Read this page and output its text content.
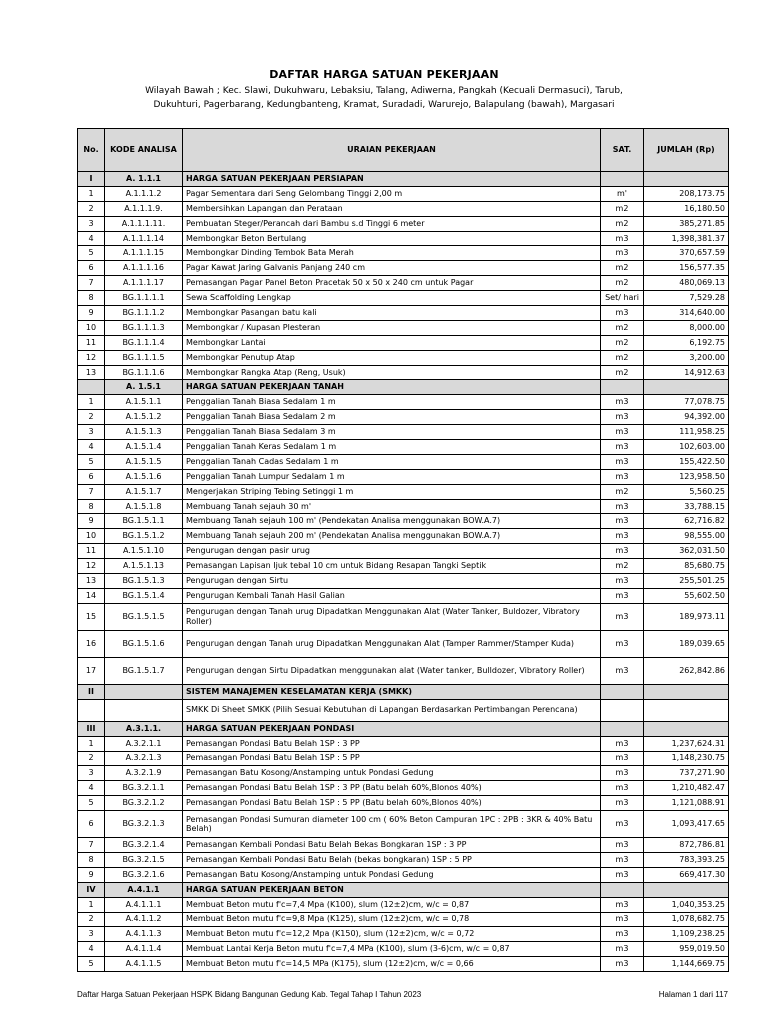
DAFTAR HARGA SATUAN PEKERJAAN
Wilayah Bawah ; Kec. Slawi, Dukuhwaru, Lebaksiu, Talang, Adiwerna, Pangkah (Kecuali Dermasuci), Tarub,
Dukuhturi, Pagerbarang, Kedungbanteng, Kramat, Suradadi, Warurejo, Balapulang (bawah), Margasari
No.	KODE ANALISA	URAIAN PEKERJAAN	SAT.	JUMLAH (Rp)
I	A. 1.1.1	HARGA SATUAN PEKERJAAN PERSIAPAN		
1	A.1.1.1.2	Pagar Sementara dari Seng Gelombang Tinggi 2,00 m	m'	208,173.75
2	A.1.1.1.9.	Membersihkan Lapangan dan Perataan	m2	16,180.50
3	A.1.1.1.11.	Pembuatan Steger/Perancah dari Bambu s.d Tinggi 6 meter	m2	385,271.85
4	A.1.1.1.14	Membongkar Beton Bertulang	m3	1,398,381.37
5	A.1.1.1.15	Membongkar Dinding Tembok Bata Merah	m3	370,657.59
6	A.1.1.1.16	Pagar Kawat Jaring Galvanis Panjang 240 cm	m2	156,577.35
7	A.1.1.1.17	Pemasangan Pagar Panel Beton Pracetak 50 x 50 x 240 cm untuk Pagar	m2	480,069.13
8	BG.1.1.1.1	Sewa Scaffolding Lengkap	Set/ hari	7,529.28
9	BG.1.1.1.2	Membongkar Pasangan batu kali	m3	314,640.00
10	BG.1.1.1.3	Membongkar / Kupasan Plesteran	m2	8,000.00
11	BG.1.1.1.4	Membongkar Lantai	m2	6,192.75
12	BG.1.1.1.5	Membongkar Penutup Atap	m2	3,200.00
13	BG.1.1.1.6	Membongkar Rangka Atap (Reng, Usuk)	m2	14,912.63
	A. 1.5.1	HARGA SATUAN PEKERJAAN TANAH		
1	A.1.5.1.1	Penggalian Tanah Biasa Sedalam 1 m	m3	77,078.75
2	A.1.5.1.2	Penggalian Tanah Biasa Sedalam 2 m	m3	94,392.00
3	A.1.5.1.3	Penggalian Tanah Biasa Sedalam 3 m	m3	111,958.25
4	A.1.5.1.4	Penggalian Tanah Keras Sedalam 1 m	m3	102,603.00
5	A.1.5.1.5	Penggalian Tanah Cadas Sedalam 1 m	m3	155,422.50
6	A.1.5.1.6	Penggalian Tanah Lumpur Sedalam 1 m	m3	123,958.50
7	A.1.5.1.7	Mengerjakan Striping Tebing Setinggi 1 m	m2	5,560.25
8	A.1.5.1.8	Membuang Tanah sejauh 30 m'	m3	33,788.15
9	BG.1.5.1.1	Membuang Tanah sejauh 100 m' (Pendekatan Analisa menggunakan BOW.A.7)	m3	62,716.82
10	BG.1.5.1.2	Membuang Tanah sejauh 200 m' (Pendekatan Analisa menggunakan BOW.A.7)	m3	98,555.00
11	A.1.5.1.10	Pengurugan dengan pasir urug	m3	362,031.50
12	A.1.5.1.13	Pemasangan Lapisan Ijuk tebal 10 cm untuk Bidang Resapan Tangki Septik	m2	85,680.75
13	BG.1.5.1.3	Pengurugan dengan Sirtu	m3	255,501.25
14	BG.1.5.1.4	Pengurugan Kembali Tanah Hasil Galian	m3	55,602.50
15	BG.1.5.1.5	Pengurugan dengan Tanah urug Dipadatkan Menggunakan Alat (Water Tanker, Buldozer, Vibratory Roller)	m3	189,973.11
16	BG.1.5.1.6	Pengurugan dengan Tanah urug Dipadatkan Menggunakan Alat (Tamper Rammer/Stamper Kuda)	m3	189,039.65
17	BG.1.5.1.7	Pengurugan dengan Sirtu Dipadatkan menggunakan alat (Water tanker, Bulldozer, Vibratory Roller)	m3	262,842.86
II		SISTEM MANAJEMEN KESELAMATAN KERJA (SMKK)		
		SMKK Di Sheet SMKK (Pilih Sesuai Kebutuhan di Lapangan Berdasarkan Pertimbangan Perencana)		
III	A.3.1.1.	HARGA SATUAN PEKERJAAN PONDASI		
1	A.3.2.1.1	Pemasangan Pondasi Batu Belah 1SP : 3 PP	m3	1,237,624.31
2	A.3.2.1.3	Pemasangan Pondasi Batu Belah 1SP : 5 PP	m3	1,148,230.75
3	A.3.2.1.9	Pemasangan Batu Kosong/Anstamping untuk Pondasi Gedung	m3	737,271.90
4	BG.3.2.1.1	Pemasangan Pondasi Batu Belah 1SP : 3 PP (Batu belah 60%,Blonos 40%)	m3	1,210,482.47
5	BG.3.2.1.2	Pemasangan Pondasi Batu Belah 1SP : 5 PP (Batu belah 60%,Blonos 40%)	m3	1,121,088.91
6	BG.3.2.1.3	Pemasangan Pondasi Sumuran diameter 100 cm ( 60% Beton Campuran 1PC : 2PB : 3KR & 40% Batu Belah)	m3	1,093,417.65
7	BG.3.2.1.4	Pemasangan Kembali Pondasi Batu Belah Bekas Bongkaran 1SP : 3 PP	m3	872,786.81
8	BG.3.2.1.5	Pemasangan Kembali Pondasi Batu Belah (bekas bongkaran) 1SP : 5 PP	m3	783,393.25
9	BG.3.2.1.6	Pemasangan Batu Kosong/Anstamping untuk Pondasi Gedung	m3	669,417.30
IV	A.4.1.1	HARGA SATUAN PEKERJAAN BETON		
1	A.4.1.1.1	Membuat Beton mutu f'c=7,4 Mpa (K100), slum (12±2)cm, w/c = 0,87	m3	1,040,353.25
2	A.4.1.1.2	Membuat Beton mutu f'c=9,8 Mpa (K125), slum (12±2)cm, w/c = 0,78	m3	1,078,682.75
3	A.4.1.1.3	Membuat Beton mutu f'c=12,2 Mpa (K150), slum (12±2)cm, w/c = 0,72	m3	1,109,238.25
4	A.4.1.1.4	Membuat Lantai Kerja Beton mutu f'c=7,4 MPa (K100), slum (3-6)cm, w/c = 0,87	m3	959,019.50
5	A.4.1.1.5	Membuat Beton mutu f'c=14,5 MPa (K175), slum (12±2)cm, w/c = 0,66	m3	1,144,669.75
Daftar Harga Satuan Pekerjaan HSPK Bidang Bangunan Gedung Kab. Tegal Tahap I Tahun 2023	Halaman 1 dari 117
